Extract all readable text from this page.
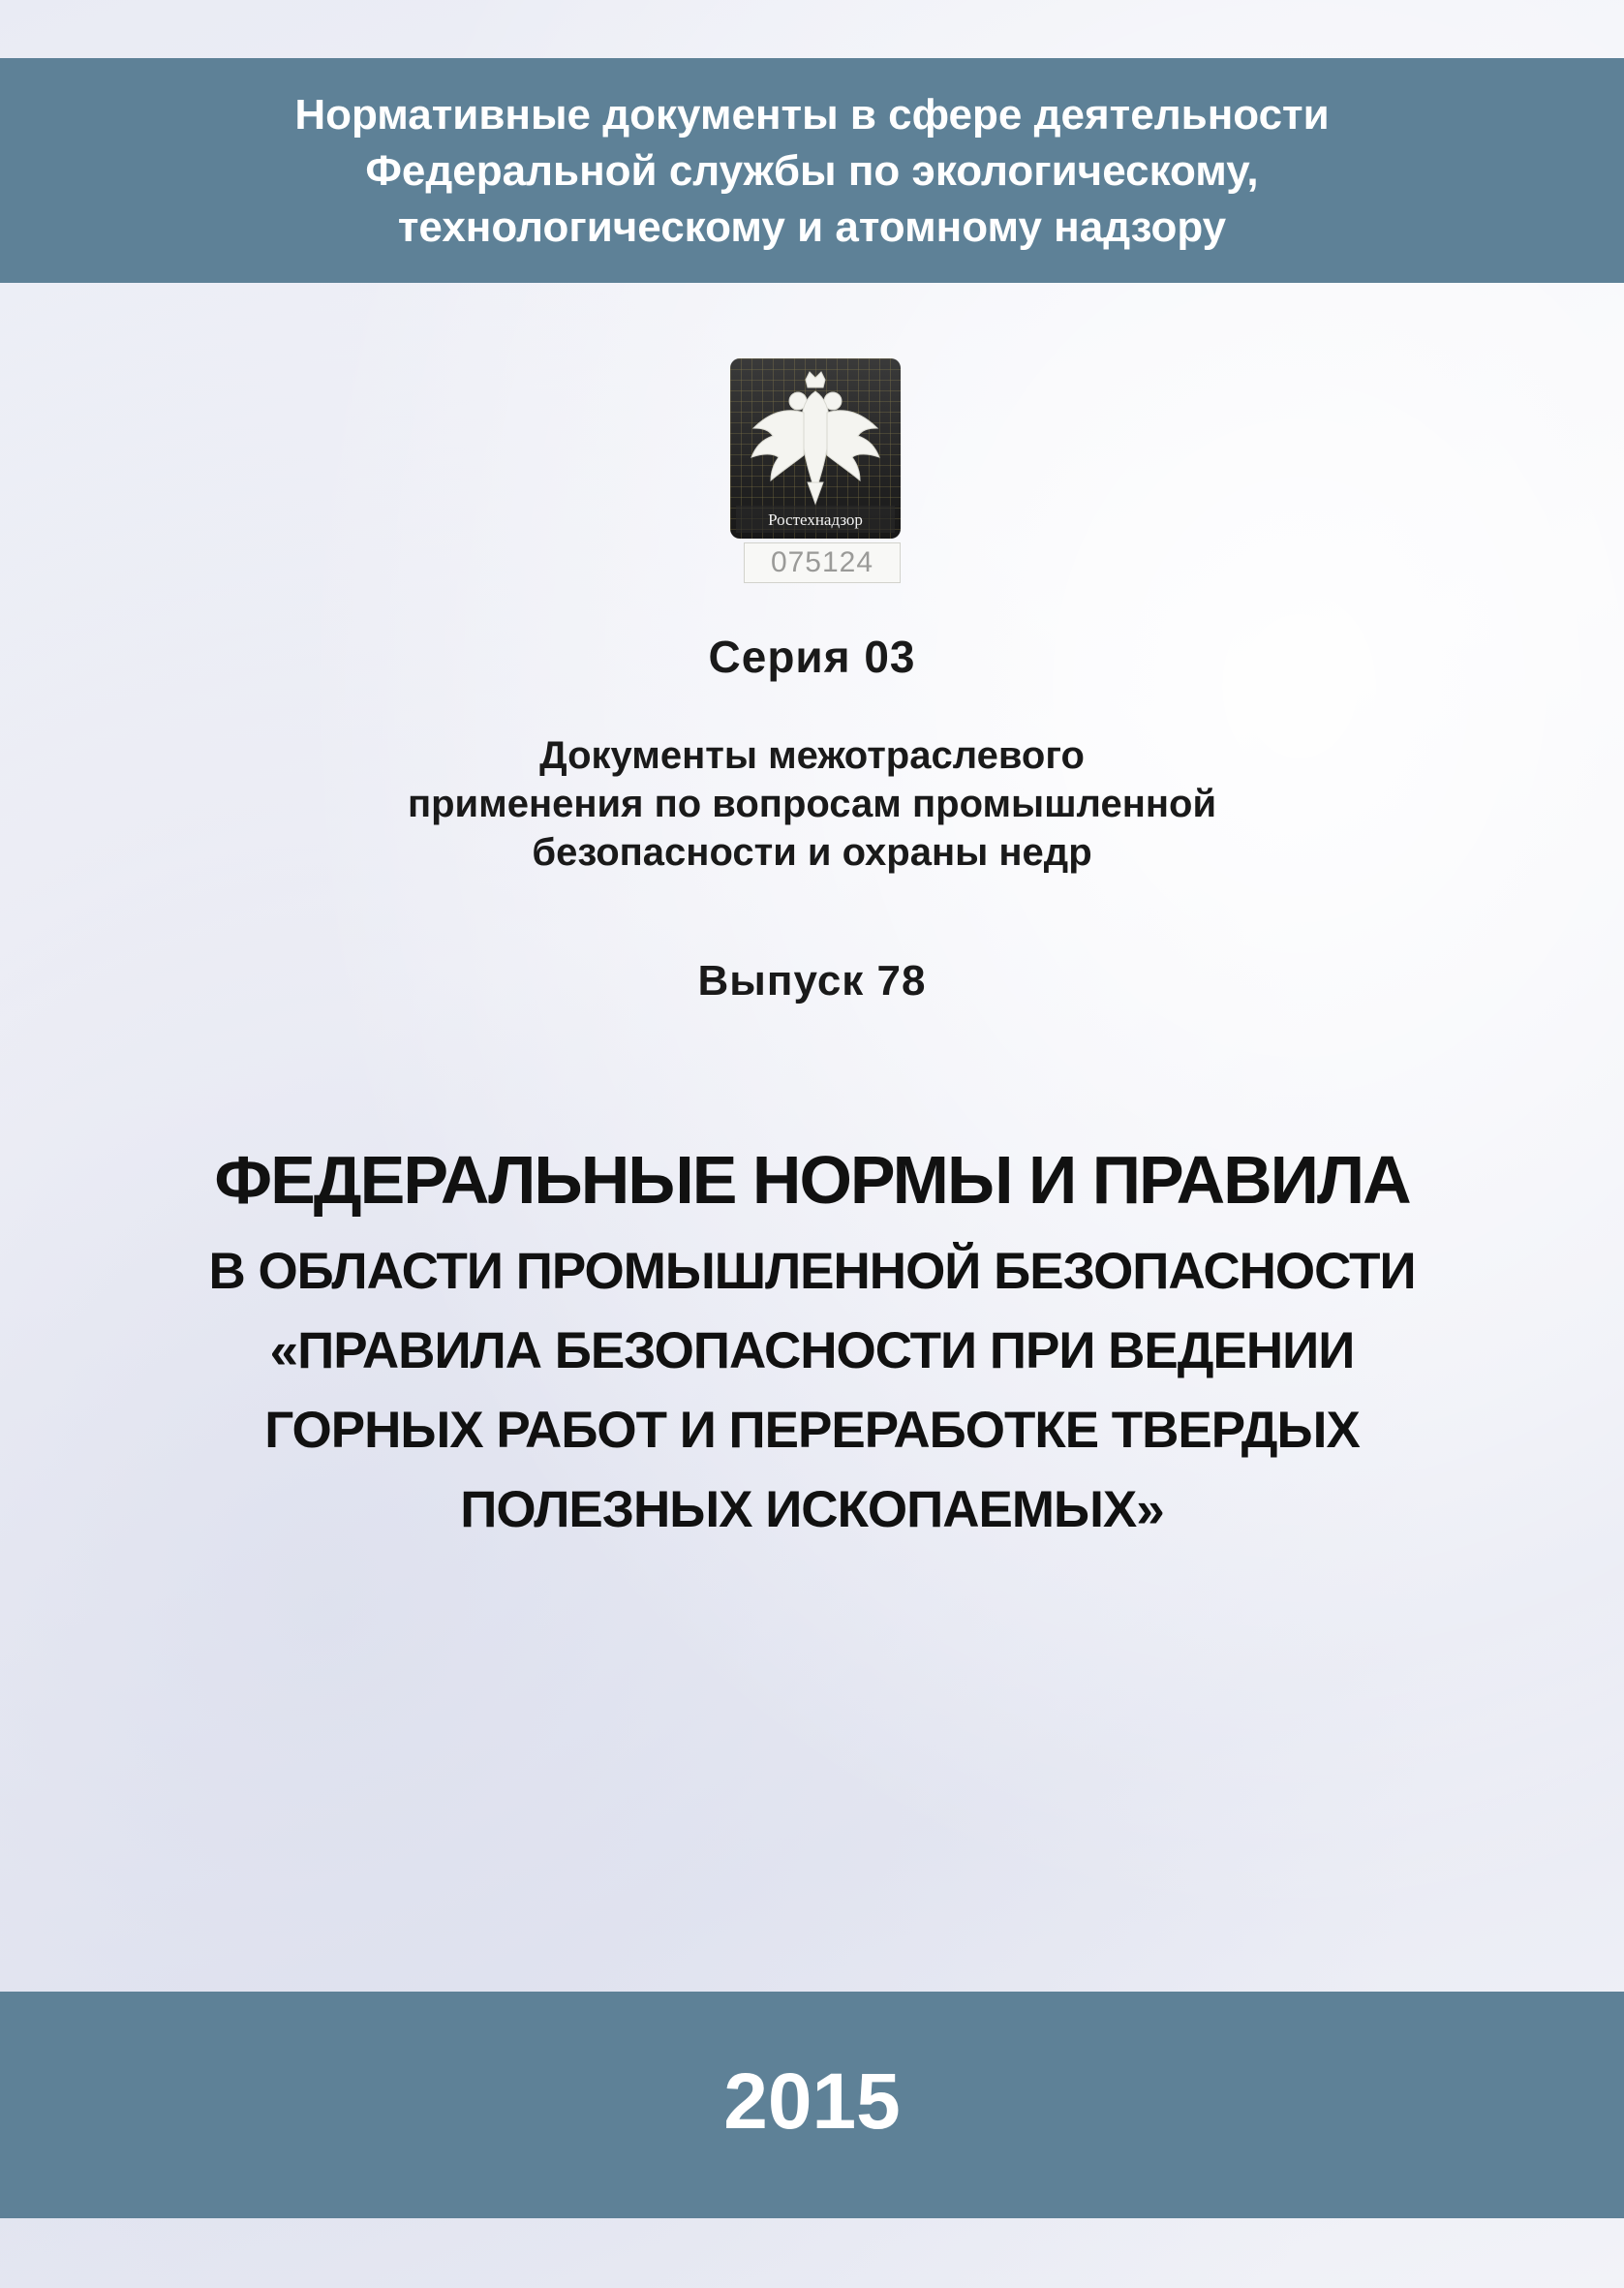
Нормативные документы в сфере деятельности
Федеральной службы по экологическому,
технологическому и атомному надзору
Ростехнадзор
075124
Серия 03
Документы межотраслевого
применения по вопросам промышленной
безопасности и охраны недр
Выпуск 78
ФЕДЕРАЛЬНЫЕ НОРМЫ И ПРАВИЛА
В ОБЛАСТИ ПРОМЫШЛЕННОЙ БЕЗОПАСНОСТИ
«ПРАВИЛА БЕЗОПАСНОСТИ ПРИ ВЕДЕНИИ
ГОРНЫХ РАБОТ И ПЕРЕРАБОТКЕ ТВЕРДЫХ
ПОЛЕЗНЫХ ИСКОПАЕМЫХ»
2015
